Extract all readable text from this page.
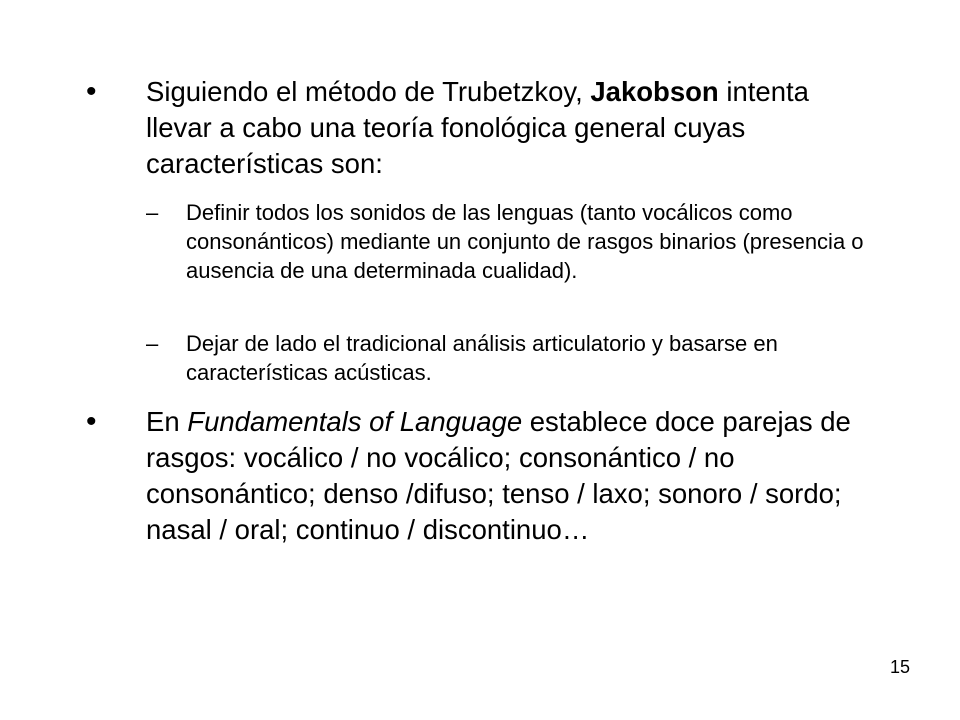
• Siguiendo el método de Trubetzkoy, Jakobson intenta llevar a cabo una teoría fonológica general cuyas características son:
– Definir todos los sonidos de las lenguas (tanto vocálicos como consonánticos) mediante un conjunto de rasgos binarios (presencia o ausencia de una determinada cualidad).
– Dejar de lado el tradicional análisis articulatorio y basarse en características acústicas.
• En Fundamentals of Language establece doce parejas de rasgos: vocálico / no vocálico; consonántico / no consonántico; denso /difuso; tenso / laxo; sonoro / sordo; nasal / oral; continuo / discontinuo…
15
